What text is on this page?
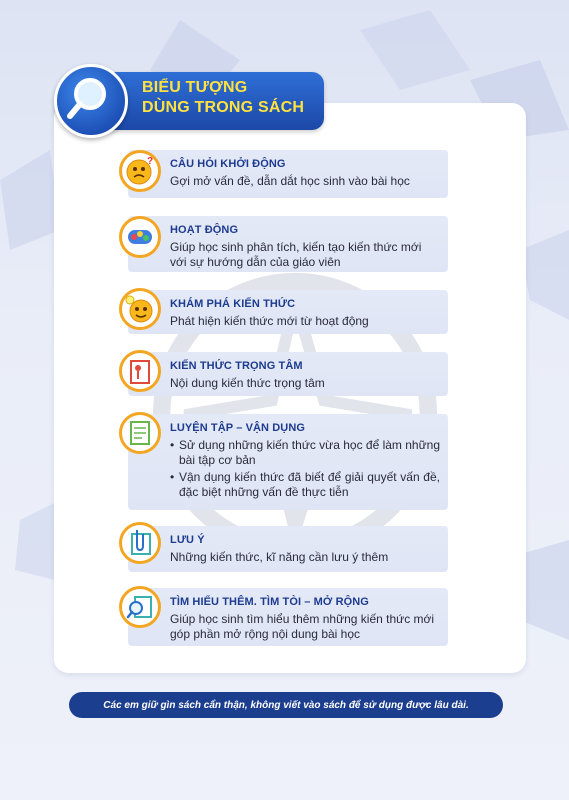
BIỂU TƯỢNG
DÙNG TRONG SÁCH
CÂU HỎI KHỞI ĐỘNG
Gợi mở vấn đề, dẫn dắt học sinh vào bài học
?
HOẠT ĐỘNG
Giúp học sinh phân tích, kiến tạo kiến thức mới với sự hướng dẫn của giáo viên
KHÁM PHÁ KIẾN THỨC
Phát hiện kiến thức mới từ hoạt động
KIẾN THỨC TRỌNG TÂM
Nội dung kiến thức trọng tâm
LUYỆN TẬP – VẬN DỤNG
• Sử dụng những kiến thức vừa học để làm những bài tập cơ bản
• Vận dụng kiến thức đã biết để giải quyết vấn đề, đặc biệt những vấn đề thực tiễn
LƯU Ý
Những kiến thức, kĩ năng cần lưu ý thêm
TÌM HIỂU THÊM. TÌM TÒI – MỞ RỘNG
Giúp học sinh tìm hiểu thêm những kiến thức mới góp phần mở rộng nội dung bài học
Các em giữ gìn sách cẩn thận, không viết vào sách để sử dụng được lâu dài.
